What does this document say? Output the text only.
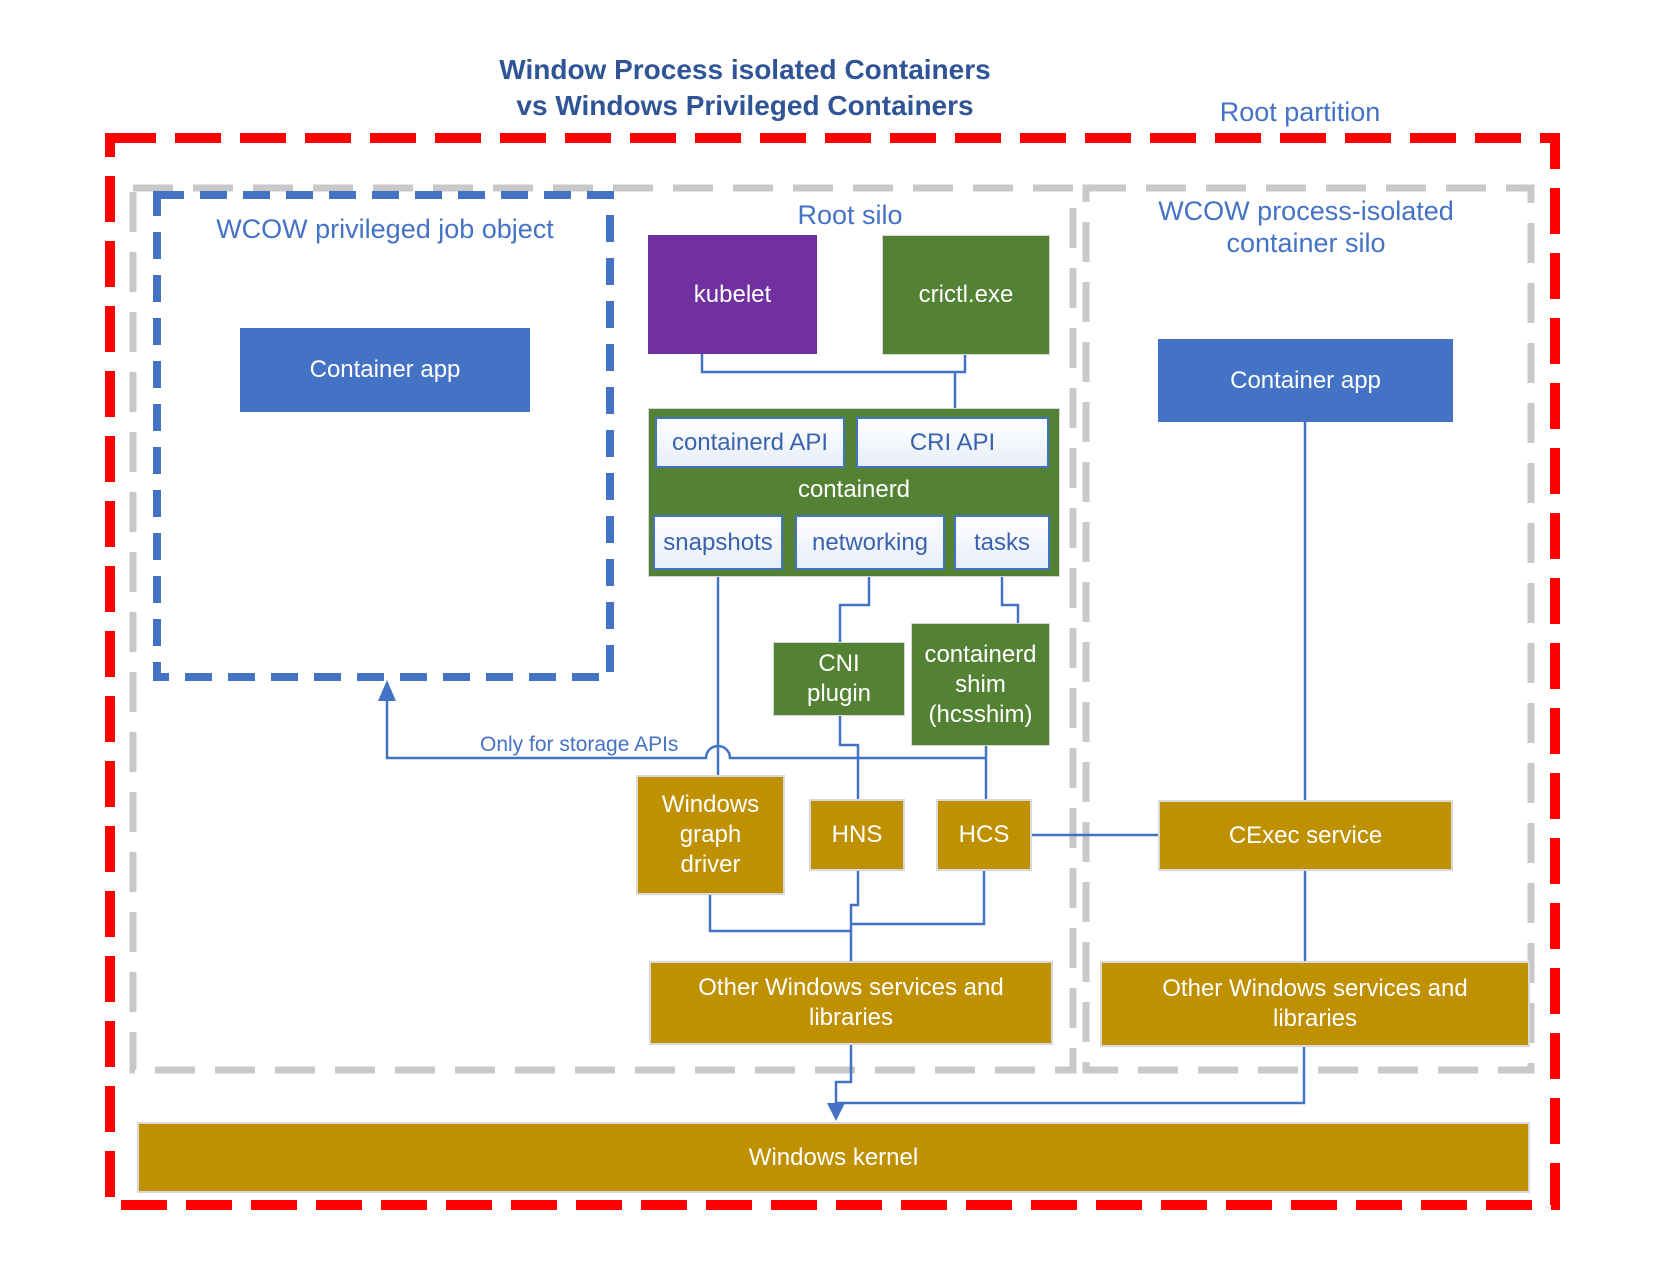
Window Process isolated Containers
vs Windows Privileged Containers	Root partition
WCOW privileged job object	Root silo	WCOW process-isolated container silo
Container app
kubelet	crictl.exe
containerd API	CRI API
containerd
snapshots	networking	tasks
CNI plugin
containerd shim (hcsshim)
Only for storage APIs
Windows graph driver
HNS	HCS
Other Windows services and libraries
Container app
CExec service
Other Windows services and libraries
Windows kernel
